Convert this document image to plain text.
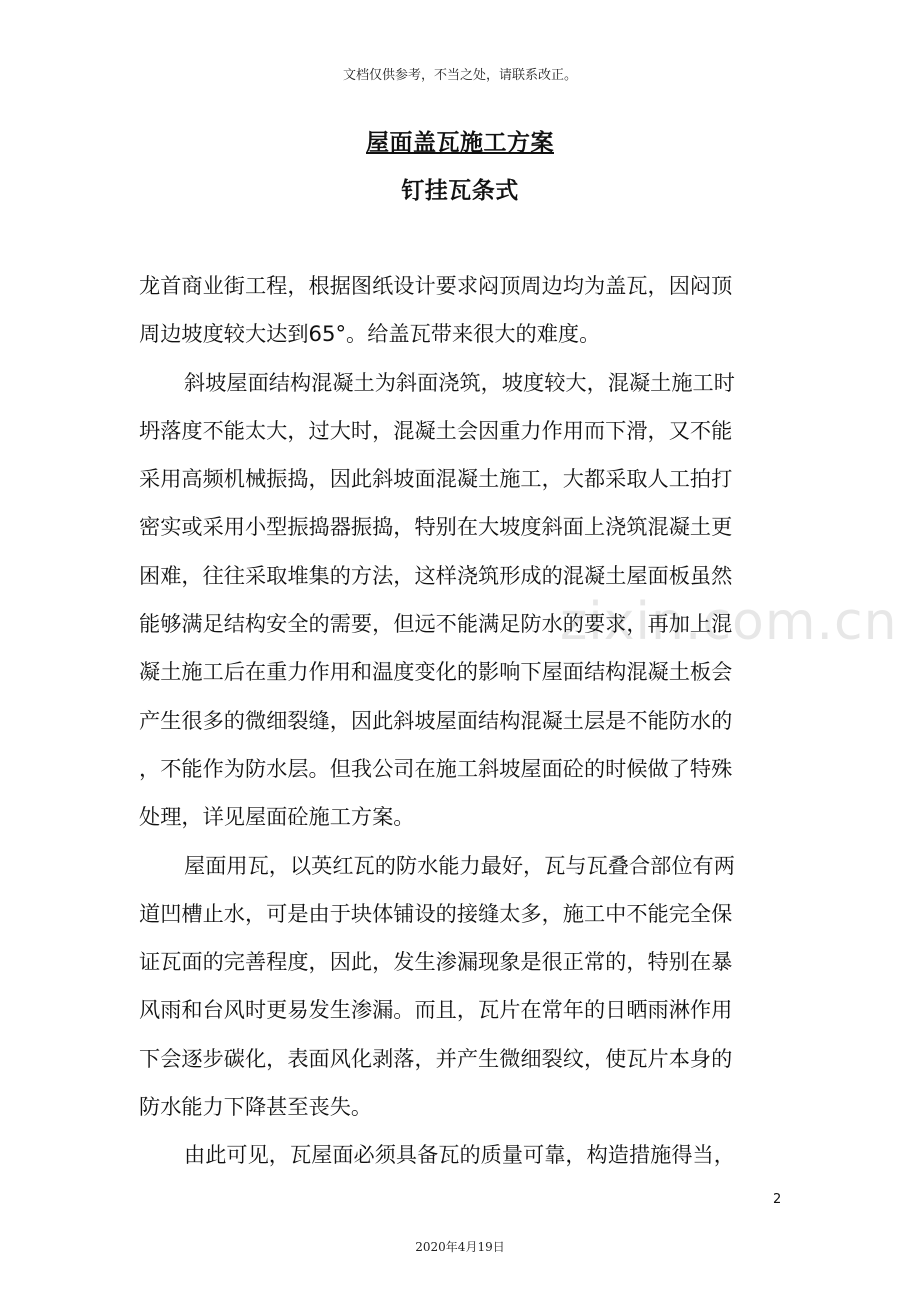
文档仅供参考，不当之处，请联系改正。
屋面盖瓦施工方案
钉挂瓦条式
zixin.com.cn
龙首商业街工程，根据图纸设计要求闷顶周边均为盖瓦，因闷顶
周边坡度较大达到65°。给盖瓦带来很大的难度。
斜坡屋面结构混凝土为斜面浇筑，坡度较大，混凝土施工时
坍落度不能太大，过大时，混凝土会因重力作用而下滑，又不能
采用高频机械振捣，因此斜坡面混凝土施工，大都采取人工拍打
密实或采用小型振捣器振捣，特别在大坡度斜面上浇筑混凝土更
困难，往往采取堆集的方法，这样浇筑形成的混凝土屋面板虽然
能够满足结构安全的需要，但远不能满足防水的要求，再加上混
凝土施工后在重力作用和温度变化的影响下屋面结构混凝土板会
产生很多的微细裂缝，因此斜坡屋面结构混凝土层是不能防水的
，不能作为防水层。但我公司在施工斜坡屋面砼的时候做了特殊
处理，详见屋面砼施工方案。
屋面用瓦，以英红瓦的防水能力最好，瓦与瓦叠合部位有两
道凹槽止水，可是由于块体铺设的接缝太多，施工中不能完全保
证瓦面的完善程度，因此，发生渗漏现象是很正常的，特别在暴
风雨和台风时更易发生渗漏。而且，瓦片在常年的日晒雨淋作用
下会逐步碳化，表面风化剥落，并产生微细裂纹，使瓦片本身的
防水能力下降甚至丧失。
由此可见，瓦屋面必须具备瓦的质量可靠，构造措施得当，
2
2020年4月19日
